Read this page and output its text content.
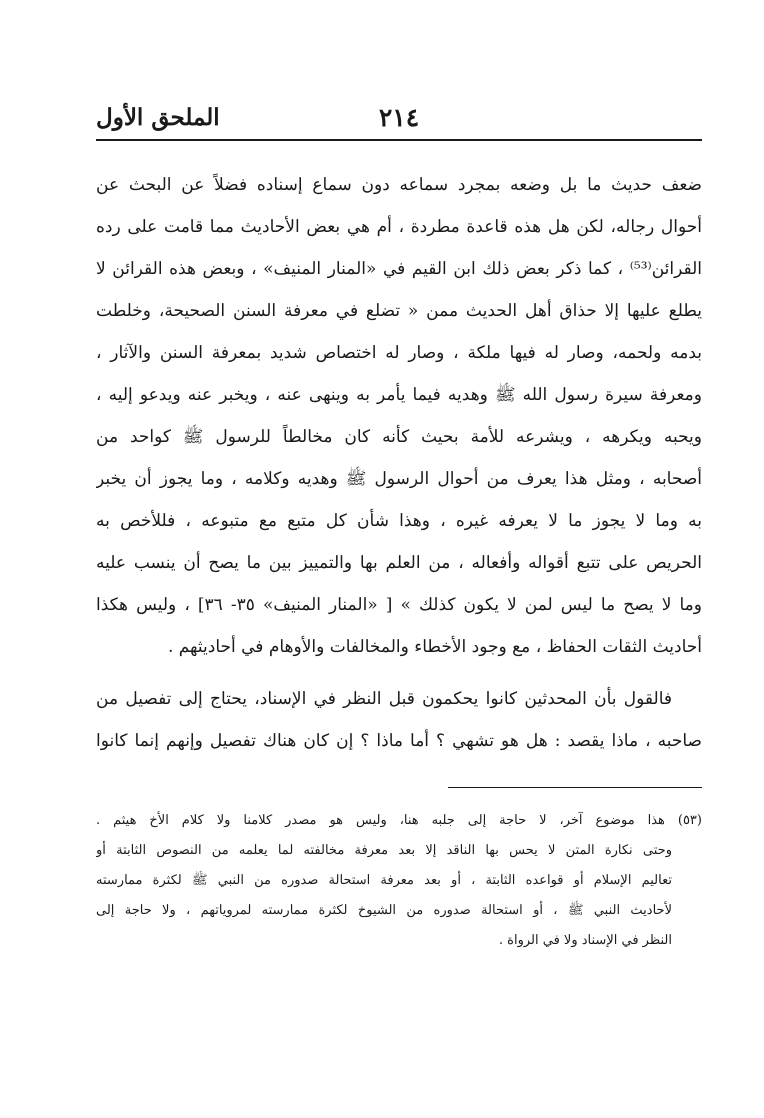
٢١٤
الملحق الأول
ضعف حديث ما بل وضعه بمجرد سماعه دون سماع إسناده فضلاً عن البحث عن
أحوال رجاله، لكن هل هذه قاعدة مطردة ، أم هي بعض الأحاديث مما قامت على رده
القرائن⁽⁵³⁾ ، كما ذكر بعض ذلك ابن القيم في «المنار المنيف» ، وبعض هذه القرائن لا
يطلع عليها إلا حذاق أهل الحديث ممن « تضلع في معرفة السنن الصحيحة، وخلطت
بدمه ولحمه، وصار له فيها ملكة ، وصار له اختصاص شديد بمعرفة السنن والآثار ،
ومعرفة سيرة رسول الله ﷺ وهديه فيما يأمر به وينهى عنه ، ويخبر عنه ويدعو إليه ،
ويحبه ويكرهه ، ويشرعه للأمة بحيث كأنه كان مخالطاً للرسول ﷺ كواحد من
أصحابه ، ومثل هذا يعرف من أحوال الرسول ﷺ وهديه وكلامه ، وما يجوز أن يخبر
به وما لا يجوز ما لا يعرفه غيره ، وهذا شأن كل متبع مع متبوعه ، فللأخص به
الحريص على تتبع أقواله وأفعاله ، من العلم بها والتمييز بين ما يصح أن ينسب عليه
وما لا يصح ما ليس لمن لا يكون كذلك » [ «المنار المنيف» ٣٥- ٣٦] ، وليس هكذا
أحاديث الثقات الحفاظ ، مع وجود الأخطاء والمخالفات والأوهام في أحاديثهم .
فالقول بأن المحدثين كانوا يحكمون قبل النظر في الإسناد، يحتاج إلى تفصيل من
صاحبه ، ماذا يقصد : هل هو تشهي ؟ أما ماذا ؟ إن كان هناك تفصيل وإنهم إنما كانوا
(٥٣) هذا موضوع آخر، لا حاجة إلى جلبه هنا، وليس هو مصدر كلامنا ولا كلام الأخ هيثم .
وحتى نكارة المتن لا يحس بها الناقد إلا بعد معرفة مخالفته لما يعلمه من النصوص الثابتة أو
تعاليم الإسلام أو قواعده الثابتة ، أو بعد معرفة استحالة صدوره من النبي ﷺ لكثرة ممارسته
لأحاديث النبي ﷺ ، أو استحالة صدوره من الشيوخ لكثرة ممارسته لمروياتهم ، ولا حاجة إلى
النظر في الإسناد ولا في الرواة .
